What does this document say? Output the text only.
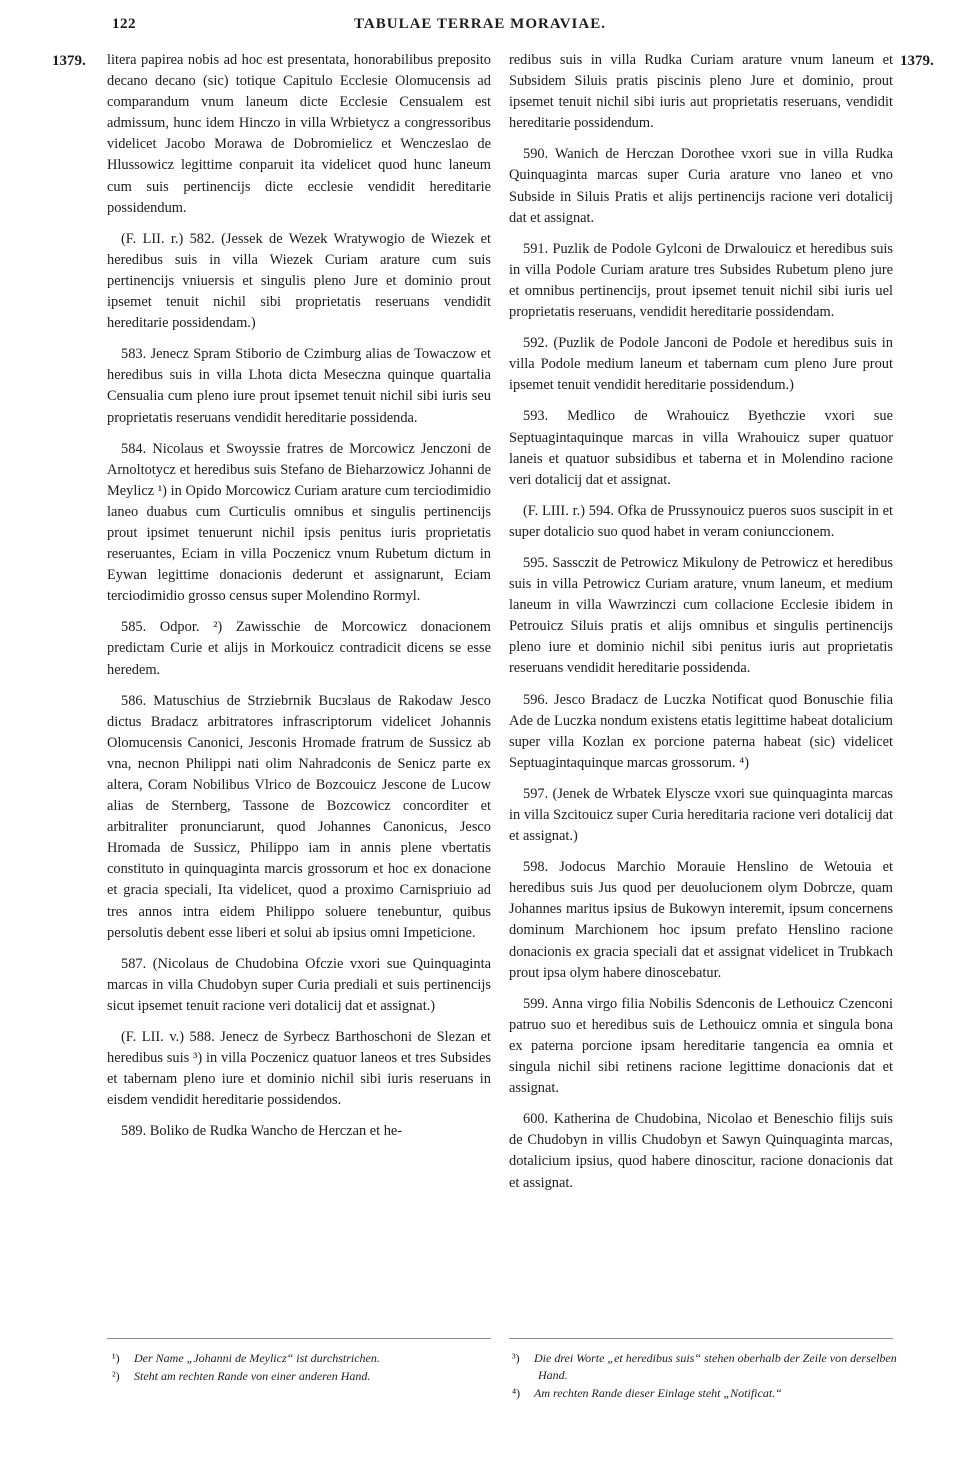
122	TABULAE TERRAE MORAVIAE.
1379.	1379.

litera papirea nobis ad hoc est presentata, honorabilibus preposito decano decano (sic) totique Capitulo Ecclesie Olomucensis ad comparandum vnum laneum dicte Ecclesie Censualem est admissum, hunc idem Hinczo in villa Wrbietycz a congressoribus videlicet Jacobo Morawa de Dobromielicz et Wenczeslao de Hlussowicz legittime conparuit ita videlicet quod hunc laneum cum suis pertinencijs dicte ecclesie vendidit hereditarie possidendum.

(F. LII. r.) 582. (Jessek de Wezek Wratywogio de Wiezek et heredibus suis in villa Wiezek Curiam arature cum suis pertinencijs vniuersis et singulis pleno Jure et dominio prout ipsemet tenuit nichil sibi proprietatis reseruans vendidit hereditarie possidendam.)

583. Jenecz Spram Stiborio de Czimburg alias de Towaczow et heredibus suis in villa Lhota dicta Meseczna quinque quartalia Censualia cum pleno iure prout ipsemet tenuit nichil sibi iuris seu proprietatis reseruans vendidit hereditarie possidenda.

584. Nicolaus et Swoyssie fratres de Morcowicz Jenczoni de Arnoltotycz et heredibus suis Stefano de Bieharzowicz Johanni de Meylicz ¹) in Opido Morcowicz Curiam arature cum terciodimidio laneo duabus cum Curticulis omnibus et singulis pertinencijs prout ipsimet tenuerunt nichil ipsis penitus iuris proprietatis reseruantes, Eciam in villa Poczenicz vnum Rubetum dictum in Eywan legittime donacionis dederunt et assignarunt, Eciam terciodimidio grosso census super Molendino Rormyl.

585. Odpor. ²) Zawisschie de Morcowicz donacionem predictam Curie et alijs in Morkouicz contradicit dicens se esse heredem.

586. Matuschius de Strziebrnik Bucзlaus de Rakodaw Jesco dictus Bradacz arbitratores infrascriptorum videlicet Johannis Olomucensis Canonici, Jesconis Hromade fratrum de Sussicz ab vna, necnon Philippi nati olim Nahradconis de Senicz parte ex altera, Coram Nobilibus Vlrico de Bozcouicz Jescone de Lucow alias de Sternberg, Tassone de Bozcowicz concorditer et arbitraliter pronunciarunt, quod Johannes Canonicus, Jesco Hromada de Sussicz, Philippo iam in annis plene vbertatis constituto in quinquaginta marcis grossorum et hoc ex donacione et gracia speciali, Ita videlicet, quod a proximo Carnispriuio ad tres annos intra eidem Philippo soluere tenebuntur, quibus persolutis debent esse liberi et solui ab ipsius omni Impeticione.

587. (Nicolaus de Chudobina Ofczie vxori sue Quinquaginta marcas in villa Chudobyn super Curia prediali et suis pertinencijs sicut ipsemet tenuit racione veri dotalicij dat et assignat.)

(F. LII. v.) 588. Jenecz de Syrbecz Barthoschoni de Slezan et heredibus suis ³) in villa Poczenicz quatuor laneos et tres Subsides et tabernam pleno iure et dominio nichil sibi iuris reseruans in eisdem vendidit hereditarie possidendos.

589. Boliko de Rudka Wancho de Herczan et he-

redibus suis in villa Rudka Curiam arature vnum laneum et Subsidem Siluis pratis piscinis pleno Jure et dominio, prout ipsemet tenuit nichil sibi iuris aut proprietatis reseruans, vendidit hereditarie possidendum.

590. Wanich de Herczan Dorothee vxori sue in villa Rudka Quinquaginta marcas super Curia arature vno laneo et vno Subside in Siluis Pratis et alijs pertinencijs racione veri dotalicij dat et assignat.

591. Puzlik de Podole Gylconi de Drwalouicz et heredibus suis in villa Podole Curiam arature tres Subsides Rubetum pleno jure et omnibus pertinencijs, prout ipsemet tenuit nichil sibi iuris uel proprietatis reseruans, vendidit hereditarie possidendam.

592. (Puzlik de Podole Janconi de Podole et heredibus suis in villa Podole medium laneum et tabernam cum pleno Jure prout ipsemet tenuit vendidit hereditarie possidendum.)

593. Medlico de Wrahouicz Byethczie vxori sue Septuagintaquinque marcas in villa Wrahouicz super quatuor laneis et quatuor subsidibus et taberna et in Molendino racione veri dotalicij dat et assignat.

(F. LIII. r.) 594. Ofka de Prussynouicz pueros suos suscipit in et super dotalicio suo quod habet in veram coniunccionem.

595. Sassczit de Petrowicz Mikulony de Petrowicz et heredibus suis in villa Petrowicz Curiam arature, vnum laneum, et medium laneum in villa Wawrzinczi cum collacione Ecclesie ibidem in Petrouicz Siluis pratis et alijs omnibus et singulis pertinencijs pleno iure et dominio nichil sibi penitus iuris aut proprietatis reseruans vendidit hereditarie possidenda.

596. Jesco Bradacz de Luczka Notificat quod Bonuschie filia Ade de Luczka nondum existens etatis legittime habeat dotalicium super villa Kozlan ex porcione paterna habeat (sic) videlicet Septuagintaquinque marcas grossorum. ⁴)

597. (Jenek de Wrbatek Elyscze vxori sue quinquaginta marcas in villa Szcitouicz super Curia hereditaria racione veri dotalicij dat et assignat.)

598. Jodocus Marchio Morauie Henslino de Wetouia et heredibus suis Jus quod per deuolucionem olym Dobrcze, quam Johannes maritus ipsius de Bukowyn interemit, ipsum concernens dominum Marchionem hoc ipsum prefato Henslino racione donacionis ex gracia speciali dat et assignat videlicet in Trubkach prout ipsa olym habere dinoscebatur.

599. Anna virgo filia Nobilis Sdenconis de Lethouicz Czenconi patruo suo et heredibus suis de Lethouicz omnia et singula bona ex paterna porcione ipsam hereditarie tangencia ea omnia et singula nichil sibi retinens racione legittime donacionis dat et assignat.

600. Katherina de Chudobina, Nicolao et Beneschio filijs suis de Chudobyn in villis Chudobyn et Sawyn Quinquaginta marcas, dotalicium ipsius, quod habere dinoscitur, racione donacionis dat et assignat.

¹) Der Name „Johanni de Meylicz“ ist durchstrichen.
²) Steht am rechten Rande von einer anderen Hand.
³) Die drei Worte „et heredibus suis“ stehen oberhalb der Zeile von derselben Hand.
⁴) Am rechten Rande dieser Einlage steht „Notificat.“
